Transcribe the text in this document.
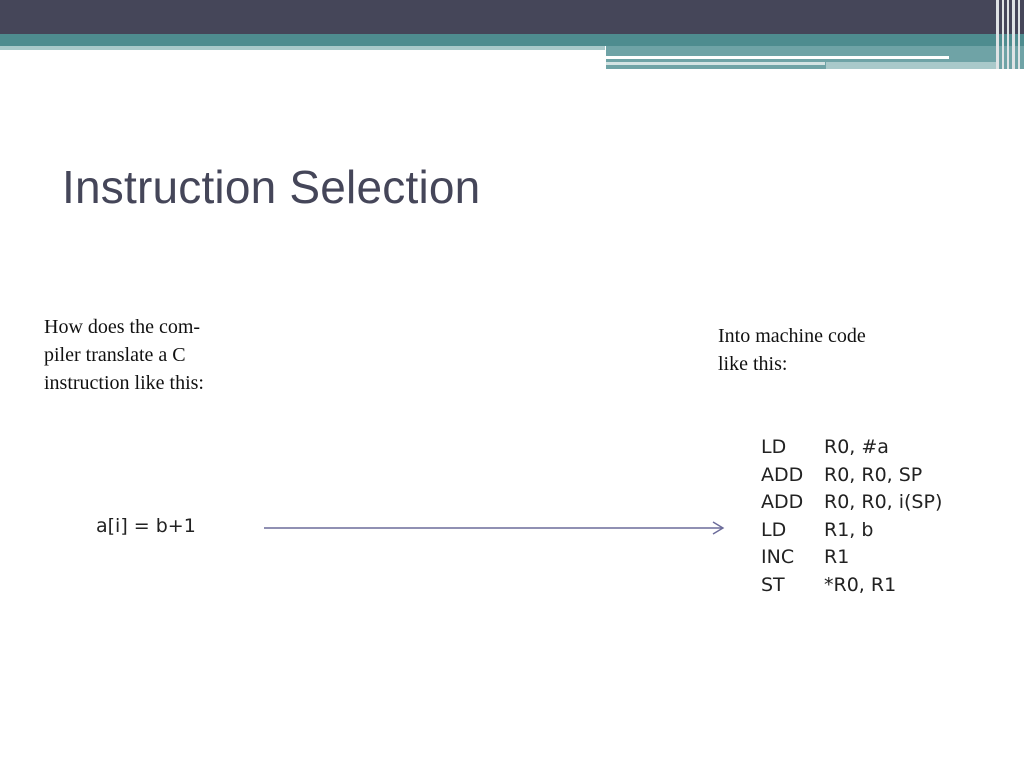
Instruction Selection

How does the com-
piler translate a C
instruction like this:

Into machine code
like this:

a[i] = b+1
LD	R0, #a
ADD	R0, R0, SP
ADD	R0, R0, i(SP)
LD	R1, b
INC	R1
ST	*R0, R1
